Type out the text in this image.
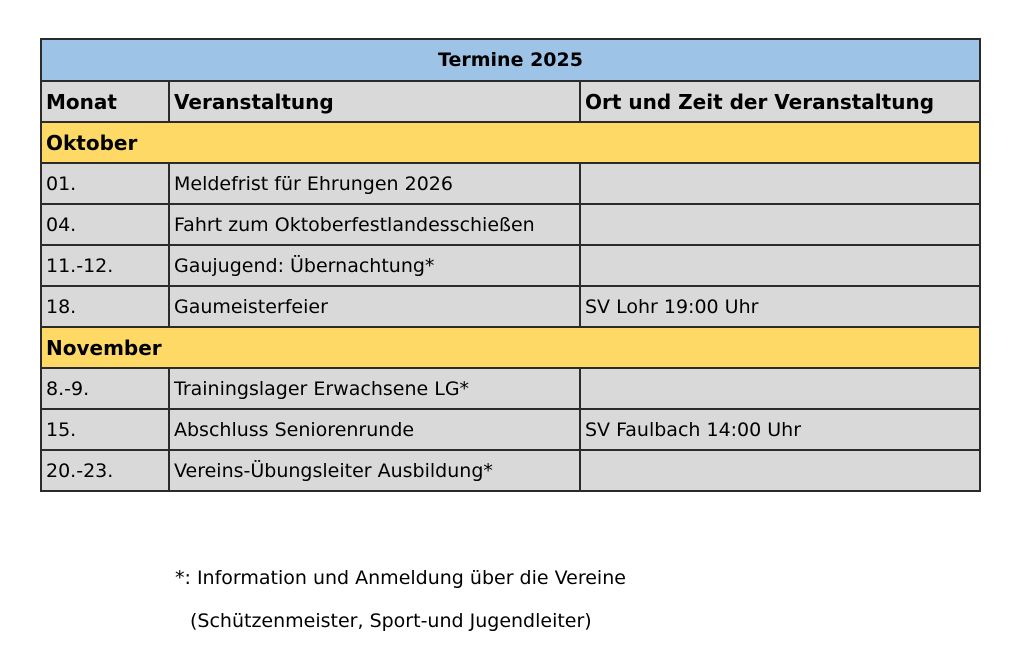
Termine 2025		
Monat	Veranstaltung	Ort und Zeit der Veranstaltung
Oktober		
01.	Meldefrist für Ehrungen 2026	
04.	Fahrt zum Oktoberfestlandesschießen	
11.-12.	Gaujugend: Übernachtung*	
18.	Gaumeisterfeier	SV Lohr 19:00 Uhr
November		
8.-9.	Trainingslager Erwachsene LG*	
15.	Abschluss Seniorenrunde	SV Faulbach 14:00 Uhr
20.-23.	Vereins-Übungsleiter Ausbildung*	
*: Information und Anmeldung über die Vereine
(Schützenmeister, Sport-und Jugendleiter)
